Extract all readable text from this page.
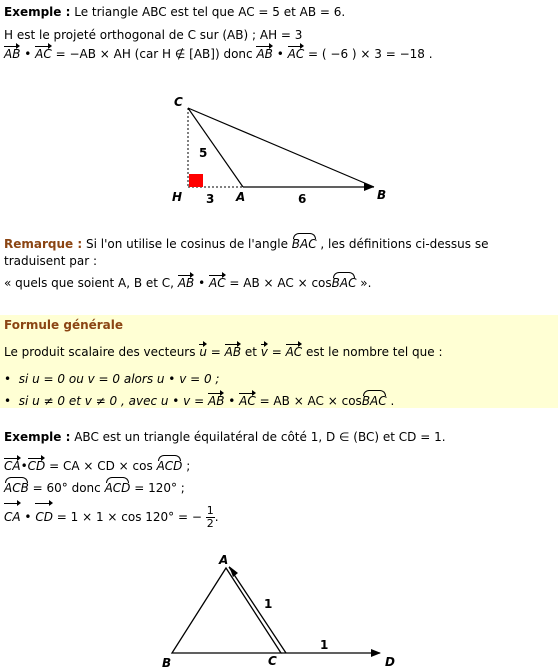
Exemple : Le triangle ABC est tel que AC = 5 et AB = 6.
H est le projeté orthogonal de C sur (AB) ; AH = 3
AB • AC = −AB × AH (car H ∉ [AB]) donc AB • AC = ( −6 ) × 3 = −18 .
C
H	A	B
5
3	6
A
B	C	D
1
1
Remarque : Si l'on utilise le cosinus de l'angle BAC , les définitions ci-dessus se
traduisent par :
« quels que soient A, B et C, AB • AC = AB × AC × cosBAC ».
Formule générale
Le produit scalaire des vecteurs u = AB et v = AC est le nombre tel que :
• si u = 0 ou v = 0 alors u • v = 0 ;
• si u ≠ 0 et v ≠ 0 , avec u • v = AB • AC = AB × AC × cosBAC .
Exemple : ABC est un triangle équilatéral de côté 1, D ∈ (BC) et CD = 1.
CA•CD = CA × CD × cos ACD ;
ACB = 60° donc ACD = 120° ;
CA • CD = 1 × 1 × cos 120° = − $\frac{1}{2}$ .
